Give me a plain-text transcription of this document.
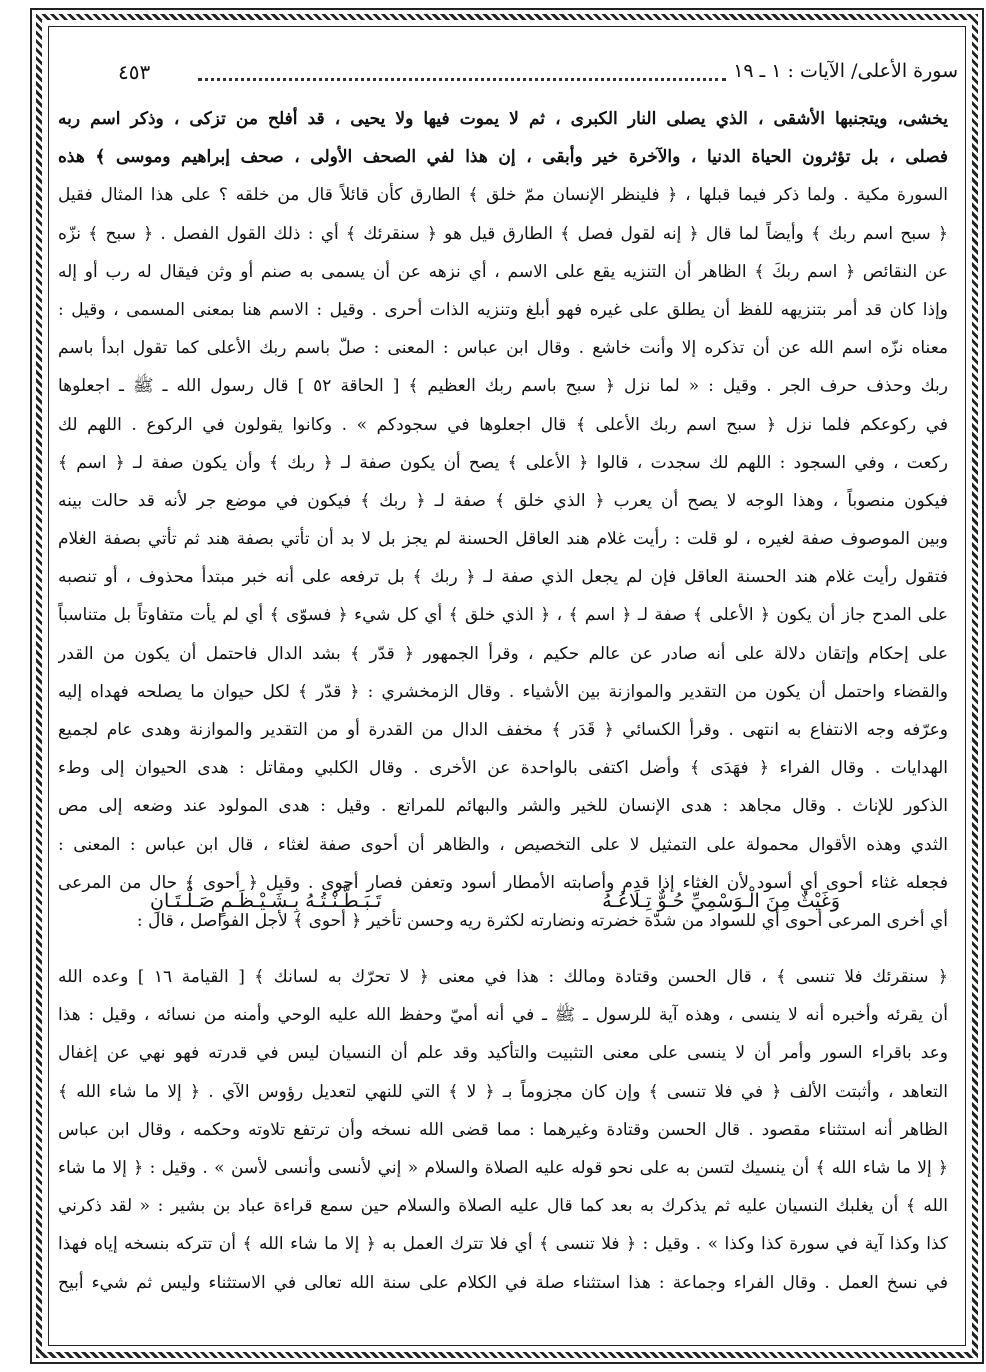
سورة الأعلى/ الآيات : ١ ـ ١٩
٤٥٣
يخشى، ويتجنبها الأشقى ، الذي يصلى النار الكبرى ، ثم لا يموت فيها ولا يحيى ، قد أفلح من تزكى ، وذكر اسم ربه
فصلى ، بل تؤثرون الحياة الدنيا ، والآخرة خير وأبقى ، إن هذا لفي الصحف الأولى ، صحف إبراهيم وموسى ﴾ هذه
السورة مكية . ولما ذكر فيما قبلها ، ﴿ فلينظر الإنسان ممّ خلق ﴾ الطارق كأن قائلاً قال من خلقه ؟ على هذا المثال فقيل
﴿ سبح اسم ربك ﴾ وأيضاً لما قال ﴿ إنه لقول فصل ﴾ الطارق قيل هو ﴿ سنقرئك ﴾ أي : ذلك القول الفصل . ﴿ سبح ﴾ نزّه
عن النقائص ﴿ اسم ربكَ ﴾ الظاهر أن التنزيه يقع على الاسم ، أي نزهه عن أن يسمى به صنم أو وثن فيقال له رب أو إله
وإذا كان قد أمر بتنزيهه للفظ أن يطلق على غيره فهو أبلغ وتنزيه الذات أحرى . وقيل : الاسم هنا بمعنى المسمى ، وقيل :
معناه نزّه اسم الله عن أن تذكره إلا وأنت خاشع . وقال ابن عباس : المعنى : صلّ باسم ربك الأعلى كما تقول ابدأ باسم
ربك وحذف حرف الجر . وقيل : « لما نزل ﴿ سبح باسم ربك العظيم ﴾ [ الحاقة ٥٢ ] قال رسول الله ـ ﷺ ـ اجعلوها
في ركوعكم فلما نزل ﴿ سبح اسم ربك الأعلى ﴾ قال اجعلوها في سجودكم » . وكانوا يقولون في الركوع . اللهم لك
ركعت ، وفي السجود : اللهم لك سجدت ، قالوا ﴿ الأعلى ﴾ يصح أن يكون صفة لـ ﴿ ربك ﴾ وأن يكون صفة لـ ﴿ اسم ﴾
فيكون منصوباً ، وهذا الوجه لا يصح أن يعرب ﴿ الذي خلق ﴾ صفة لـ ﴿ ربك ﴾ فيكون في موضع جر لأنه قد حالت بينه
وبين الموصوف صفة لغيره ، لو قلت : رأيت غلام هند العاقل الحسنة لم يجز بل لا بد أن تأتي بصفة هند ثم تأتي بصفة الغلام
فتقول رأيت غلام هند الحسنة العاقل فإن لم يجعل الذي صفة لـ ﴿ ربك ﴾ بل ترفعه على أنه خبر مبتدأ محذوف ، أو تنصبه
على المدح جاز أن يكون ﴿ الأعلى ﴾ صفة لـ ﴿ اسم ﴾ ، ﴿ الذي خلق ﴾ أي كل شيء ﴿ فسوّى ﴾ أي لم يأت متفاوتاً بل متناسباً
على إحكام وإتقان دلالة على أنه صادر عن عالم حكيم ، وقرأ الجمهور ﴿ قدّر ﴾ بشد الدال فاحتمل أن يكون من القدر
والقضاء واحتمل أن يكون من التقدير والموازنة بين الأشياء . وقال الزمخشري : ﴿ قدّر ﴾ لكل حيوان ما يصلحه فهداه إليه
وعرّفه وجه الانتفاع به انتهى . وقرأ الكسائي ﴿ قَدَر ﴾ مخفف الدال من القدرة أو من التقدير والموازنة وهدى عام لجميع
الهدايات . وقال الفراء ﴿ فهَدَى ﴾ وأضل اكتفى بالواحدة عن الأخرى . وقال الكلبي ومقاتل : هدى الحيوان إلى وطء
الذكور للإناث . وقال مجاهد : هدى الإنسان للخير والشر والبهائم للمراتع . وقيل : هدى المولود عند وضعه إلى مص
الثدي وهذه الأقوال محمولة على التمثيل لا على التخصيص ، والظاهر أن أحوى صفة لغثاء ، قال ابن عباس : المعنى :
فجعله غثاء أحوى أي أسود لأن الغثاء إذا قدم وأصابته الأمطار أسود وتعفن فصار أحوى . وقيل ﴿ أحوى ﴾ حال من المرعى
أي أخرى المرعى أحوى أي للسواد من شدّة خضرته ونضارته لكثرة ريه وحسن تأخير ﴿ أحوى ﴾ لأجل الفواصل ، قال :
وَغَيْثٌ مِنَ الْـوَسْمِيِّ حُـوٌّ تِـلَاعُـهُ
تَـبَـطَّـنْـتُـهُ بِـشَـيْـظَـمٍ صَـلْـتَـانِ
﴿ سنقرئك فلا تنسى ﴾ ، قال الحسن وقتادة ومالك : هذا في معنى ﴿ لا تحرّك به لسانك ﴾ [ القيامة ١٦ ] وعده الله
أن يقرئه وأخبره أنه لا ينسى ، وهذه آية للرسول ـ ﷺ ـ في أنه أميّ وحفظ الله عليه الوحي وأمنه من نسائه ، وقيل : هذا
وعد باقراء السور وأمر أن لا ينسى على معنى التثبيت والتأكيد وقد علم أن النسيان ليس في قدرته فهو نهي عن إغفال
التعاهد ، وأثبتت الألف ﴿ في فلا تنسى ﴾ وإن كان مجزوماً بـ ﴿ لا ﴾ التي للنهي لتعديل رؤوس الآي . ﴿ إلا ما شاء الله ﴾
الظاهر أنه استثناء مقصود . قال الحسن وقتادة وغيرهما : مما قضى الله نسخه وأن ترتفع تلاوته وحكمه ، وقال ابن عباس
﴿ إلا ما شاء الله ﴾ أن ينسيك لتسن به على نحو قوله عليه الصلاة والسلام « إني لأنسى وأنسى لأسن » . وقيل : ﴿ إلا ما شاء
الله ﴾ أن يغلبك النسيان عليه ثم يذكرك به بعد كما قال عليه الصلاة والسلام حين سمع قراءة عباد بن بشير : « لقد ذكرني
كذا وكذا آية في سورة كذا وكذا » . وقيل : ﴿ فلا تنسى ﴾ أي فلا تترك العمل به ﴿ إلا ما شاء الله ﴾ أن تتركه بنسخه إياه فهذا
في نسخ العمل . وقال الفراء وجماعة : هذا استثناء صلة في الكلام على سنة الله تعالى في الاستثناء وليس ثم شيء أبيح
